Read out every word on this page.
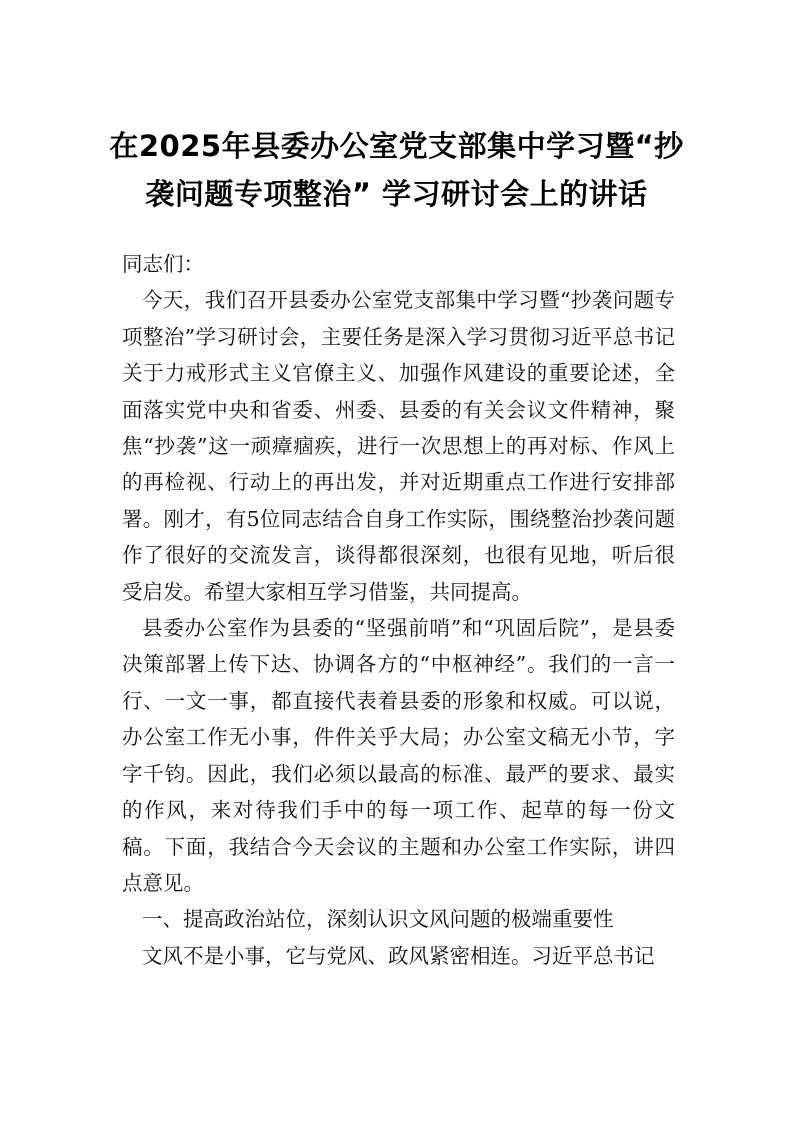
在2025年县委办公室党支部集中学习暨“抄袭问题专项整治” 学习研讨会上的讲话

同志们：

今天，我们召开县委办公室党支部集中学习暨“抄袭问题专项整治”学习研讨会，主要任务是深入学习贯彻习近平总书记关于力戒形式主义官僚主义、加强作风建设的重要论述，全面落实党中央和省委、州委、县委的有关会议文件精神，聚焦“抄袭”这一顽瘴痼疾，进行一次思想上的再对标、作风上的再检视、行动上的再出发，并对近期重点工作进行安排部署。刚才，有5位同志结合自身工作实际，围绕整治抄袭问题作了很好的交流发言，谈得都很深刻，也很有见地，听后很受启发。希望大家相互学习借鉴，共同提高。

县委办公室作为县委的“坚强前哨”和“巩固后院”，是县委决策部署上传下达、协调各方的“中枢神经”。我们的一言一行、一文一事，都直接代表着县委的形象和权威。可以说，办公室工作无小事，件件关乎大局；办公室文稿无小节，字字千钧。因此，我们必须以最高的标准、最严的要求、最实的作风，来对待我们手中的每一项工作、起草的每一份文稿。下面，我结合今天会议的主题和办公室工作实际，讲四点意见。

一、提高政治站位，深刻认识文风问题的极端重要性

文风不是小事，它与党风、政风紧密相连。习近平总书记
